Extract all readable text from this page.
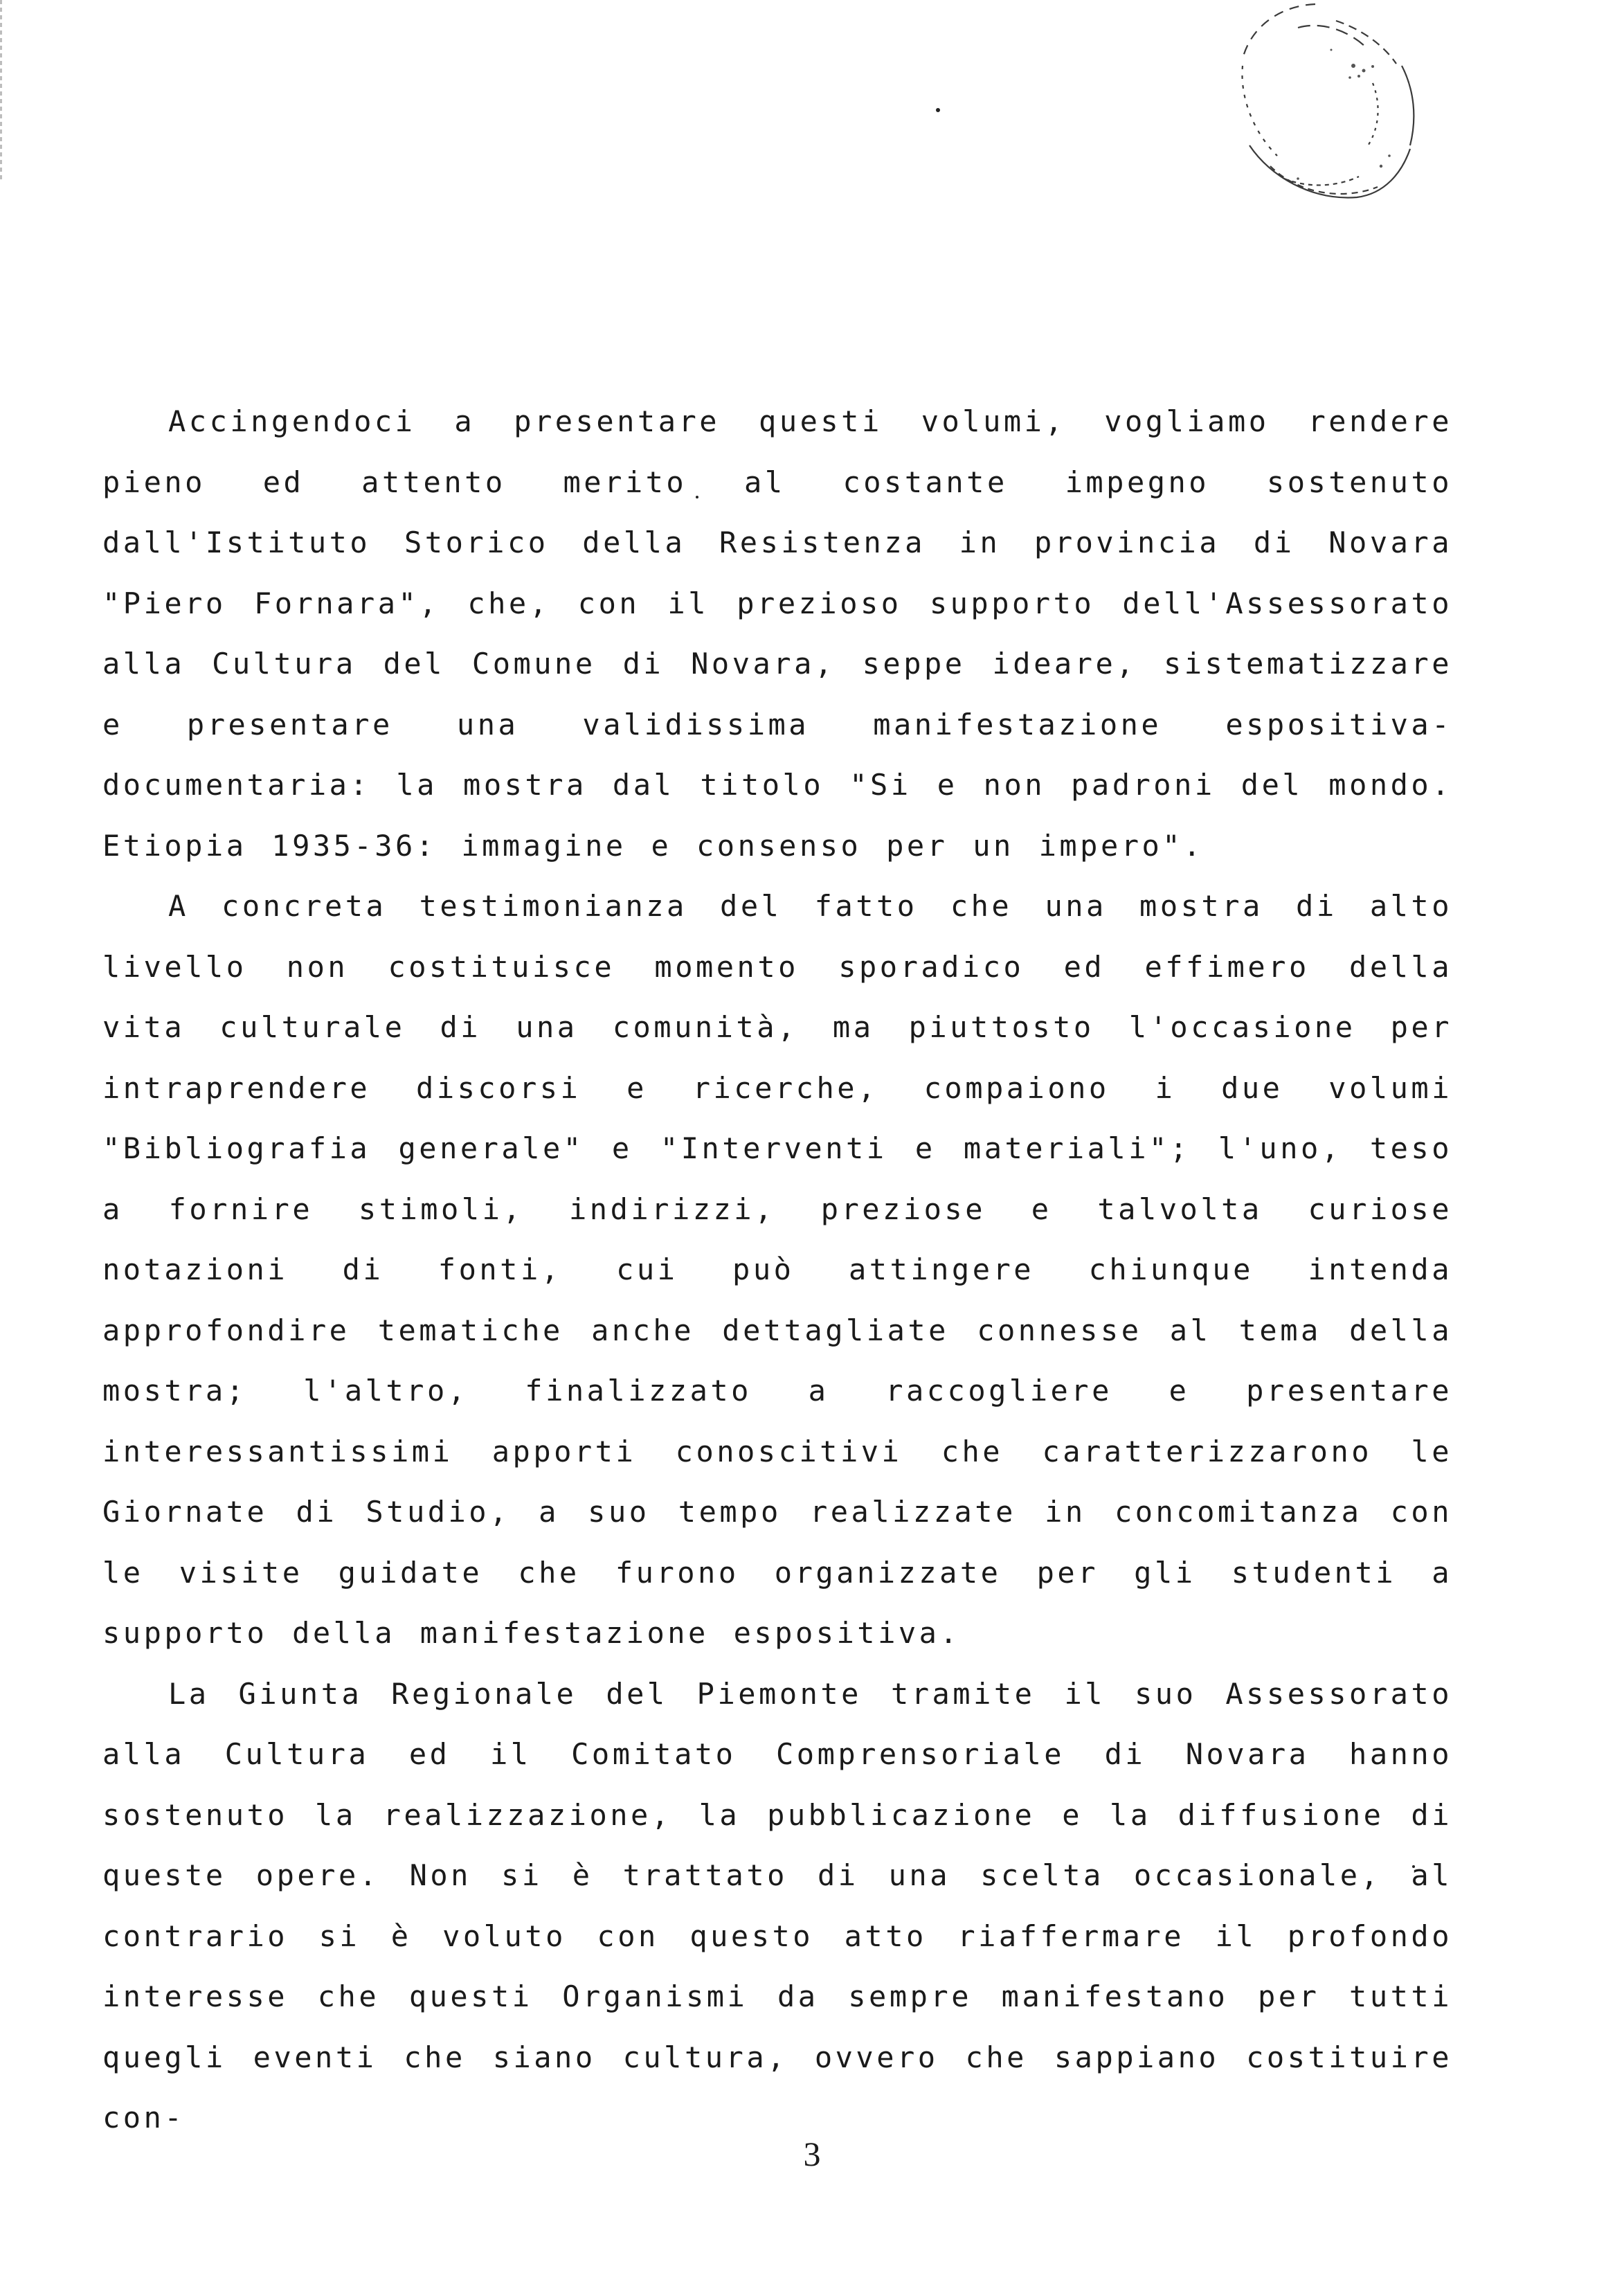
Accingendoci a presentare questi volumi, vogliamo rendere pieno ed attento merito al costante impegno sostenuto dall'Istituto Storico della Resistenza in provincia di Novara "Piero Fornara", che, con il prezioso supporto dell'Assessorato alla Cultura del Comune di Novara, seppe ideare, sistematizzare e presentare una validissima manifestazione espositiva-documentaria: la mostra dal titolo "Si e non padroni del mondo. Etiopia 1935-36: immagine e consenso per un impero".

A concreta testimonianza del fatto che una mostra di alto livello non costituisce momento sporadico ed effimero della vita culturale di una comunità, ma piuttosto l'occasione per intraprendere discorsi e ricerche, compaiono i due volumi "Bibliografia generale" e "Interventi e materiali"; l'uno, teso a fornire stimoli, indirizzi, preziose e talvolta curiose notazioni di fonti, cui può attingere chiunque intenda approfondire tematiche anche dettagliate connesse al tema della mostra; l'altro, finalizzato a raccogliere e presentare interessantissimi apporti conoscitivi che caratterizzarono le Giornate di Studio, a suo tempo realizzate in concomitanza con le visite guidate che furono organizzate per gli studenti a supporto della manifestazione espositiva.

La Giunta Regionale del Piemonte tramite il suo Assessorato alla Cultura ed il Comitato Comprensoriale di Novara hanno sostenuto la realizzazione, la pubblicazione e la diffusione di queste opere. Non si è trattato di una scelta occasionale, al contrario si è voluto con questo atto riaffermare il profondo interesse che questi Organismi da sempre manifestano per tutti quegli eventi che siano cultura, ovvero che sappiano costituire con-

3
